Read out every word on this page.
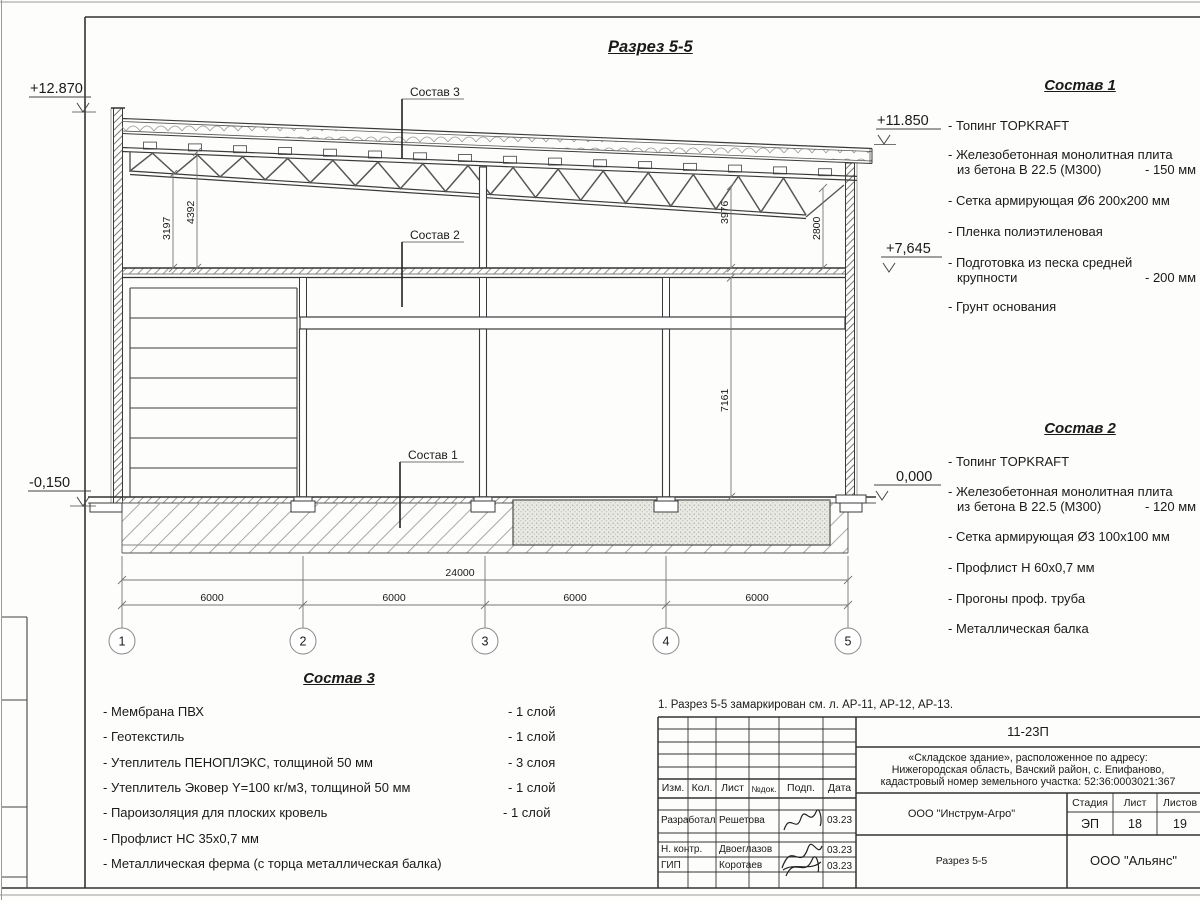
Состав 3
Состав 2
Состав 1
+12.870
+11.850
+7,645
-0,150	0,000
3197
4392	3976
2800
7161
24000
6000	6000	6000	6000
1	2	3	4	5
Разрез 5-5
Состав 1
- Топинг TOPKRAFT
- Железобетонная монолитная плита
из бетона В 22.5 (М300)	- 150 мм
- Сетка армирующая Ø6 200х200 мм
- Пленка полиэтиленовая
- Подготовка из песка средней
крупности	- 200 мм
- Грунт основания
Состав 2
- Топинг TOPKRAFT
- Железобетонная монолитная плита
из бетона В 22.5 (М300)	- 120 мм
- Сетка армирующая Ø3 100х100 мм
- Профлист Н 60х0,7 мм
- Прогоны проф. труба
- Металлическая балка
Состав 3
- Мембрана ПВХ	- 1 слой
- Геотекстиль	- 1 слой
- Утеплитель ПЕНОПЛЭКС, толщиной 50 мм	- 3 слоя
- Утеплитель Эковер Y=100 кг/м3, толщиной 50 мм	- 1 слой
- Пароизоляция для плоских кровель	- 1 слой
- Профлист НС 35х0,7 мм
- Металлическая ферма (с торца металлическая балка)
1. Разрез 5-5 замаркирован см. л. АР-11, АР-12, АР-13.
11-23П
«Складское здание», расположенное по адресу:
Нижегородская область, Вачский район, с. Епифаново,
кадастровый номер земельного участка: 52:36:0003021:367
Изм. Кол. Лист №док.	Подп.	Дата
Разработал Решетова	03.23
Н. контр. Двоеглазов	03.23
ГИП	Коротаев	03.23
ООО "Инструм-Агро"
Стадия	Лист	Листов
ЭП	18	19
Разрез 5-5	ООО "Альянс"
